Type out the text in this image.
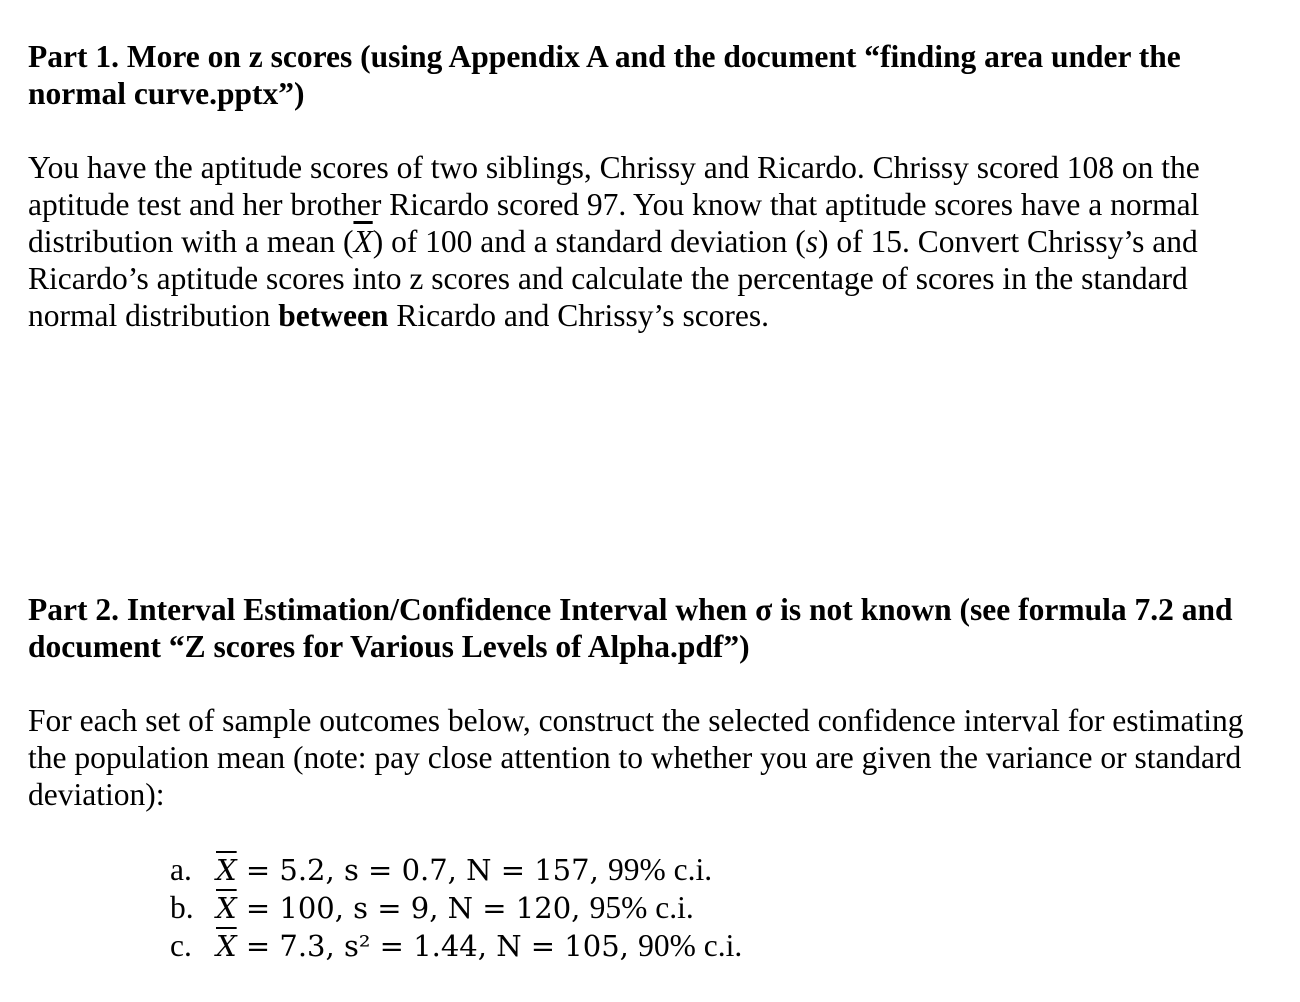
Part 1. More on z scores (using Appendix A and the document “finding area under the
normal curve.pptx”)

You have the aptitude scores of two siblings, Chrissy and Ricardo. Chrissy scored 108 on the
aptitude test and her brother Ricardo scored 97. You know that aptitude scores have a normal
distribution with a mean $(\overline{X})$ of 100 and a standard deviation (s) of 15. Convert Chrissy’s and
Ricardo’s aptitude scores into z scores and calculate the percentage of scores in the standard
normal distribution between Ricardo and Chrissy’s scores.

Part 2. Interval Estimation/Confidence Interval when σ is not known (see formula 7.2 and
document “Z scores for Various Levels of Alpha.pdf”)

For each set of sample outcomes below, construct the selected confidence interval for estimating
the population mean (note: pay close attention to whether you are given the variance or standard
deviation):

a. $\overline{X} = 5.2$, s = 0.7, N = 157, 99% c.i.
b. $\overline{X} = 100$, s = 9, N = 120, 95% c.i.
c. $\overline{X} = 7.3$, s² = 1.44, N = 105, 90% c.i.
